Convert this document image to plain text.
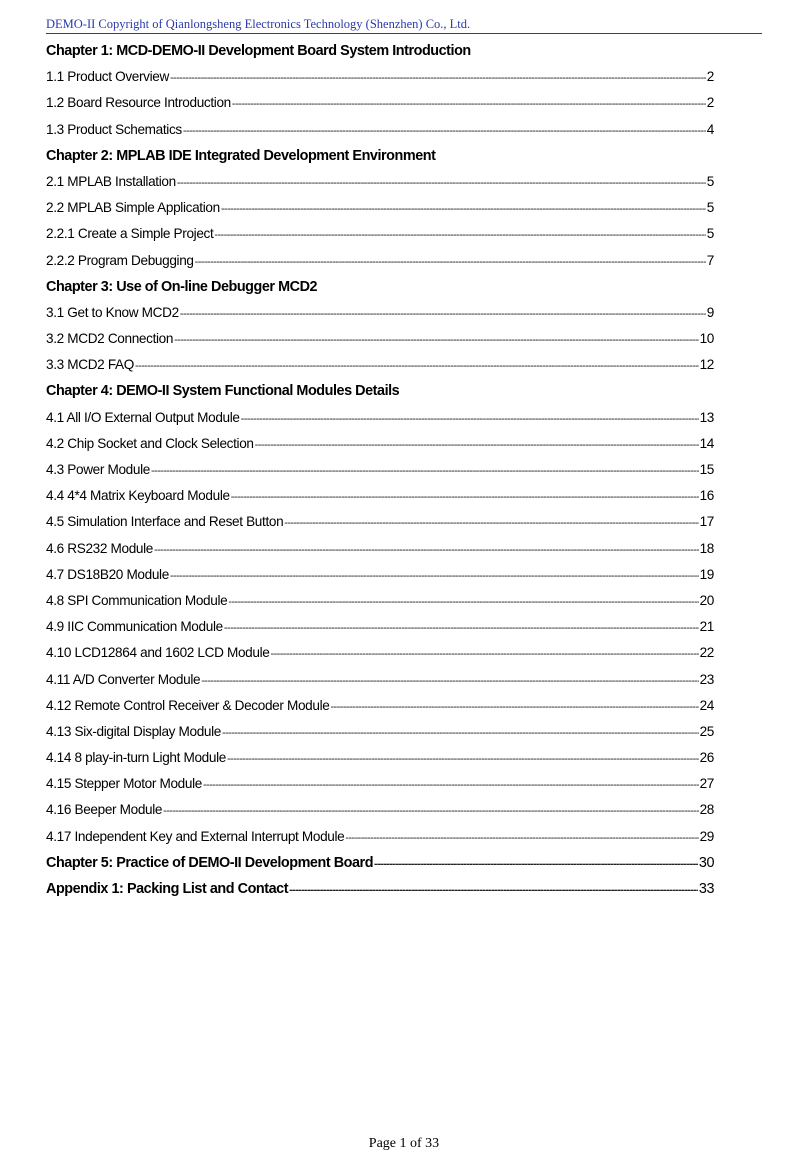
DEMO-II Copyright of Qianlongsheng Electronics Technology (Shenzhen) Co., Ltd.
Chapter 1: MCD-DEMO-II Development Board System Introduction
1.1 Product Overview -----	2
1.2 Board Resource Introduction -----	2
1.3 Product Schematics -----	4
Chapter 2: MPLAB IDE Integrated Development Environment
2.1 MPLAB Installation -----	5
2.2 MPLAB Simple Application -----	5
2.2.1 Create a Simple Project -----	5
2.2.2 Program Debugging -----	7
Chapter 3: Use of On-line Debugger MCD2
3.1 Get to Know MCD2 -----	9
3.2 MCD2 Connection -----	10
3.3 MCD2 FAQ -----	12
Chapter 4: DEMO-II System Functional Modules Details
4.1 All I/O External Output Module -----	13
4.2 Chip Socket and Clock Selection -----	14
4.3 Power Module -----	15
4.4 4*4 Matrix Keyboard Module -----	16
4.5 Simulation Interface and Reset Button -----	17
4.6 RS232 Module -----	18
4.7 DS18B20 Module -----	19
4.8 SPI Communication Module -----	20
4.9 IIC Communication Module -----	21
4.10 LCD12864 and 1602 LCD Module -----	22
4.11 A/D Converter Module -----	23
4.12 Remote Control Receiver & Decoder Module -----	24
4.13 Six-digital Display Module -----	25
4.14 8 play-in-turn Light Module -----	26
4.15 Stepper Motor Module -----	27
4.16 Beeper Module -----	28
4.17 Independent Key and External Interrupt Module -----	29
Chapter 5: Practice of DEMO-II Development Board -----	30
Appendix 1: Packing List and Contact -----	33
Page 1 of 33
